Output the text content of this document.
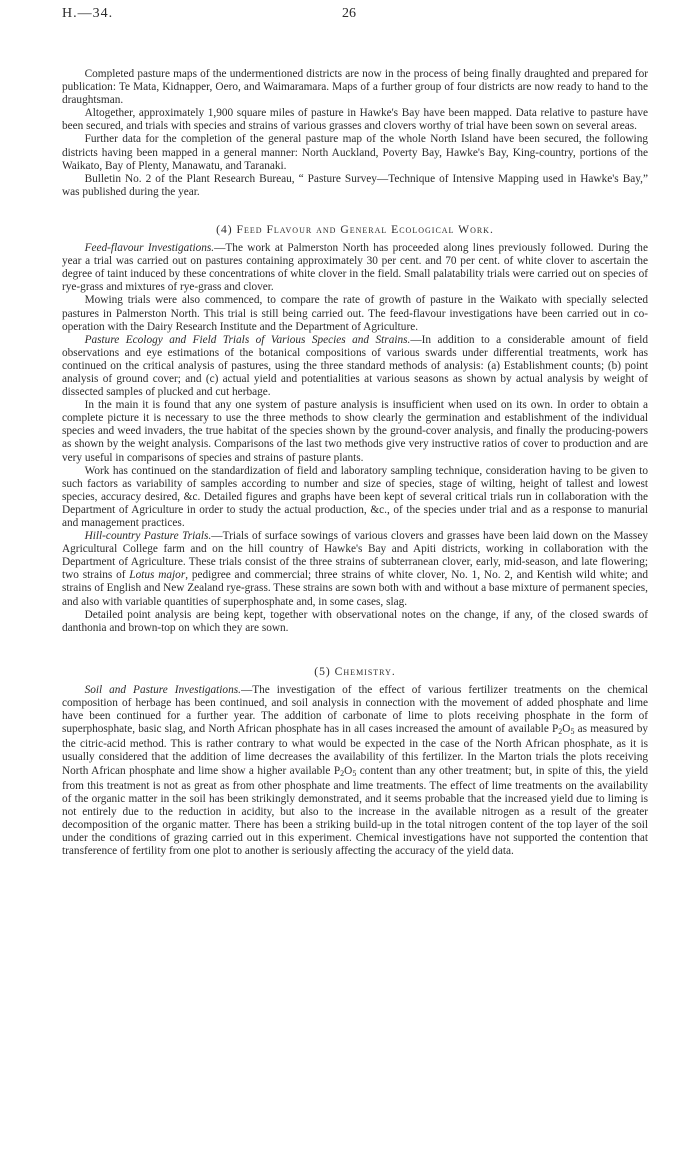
H.—34.	26

Completed pasture maps of the undermentioned districts are now in the process of being finally draughted and prepared for publication: Te Mata, Kidnapper, Oero, and Waimaramara. Maps of a further group of four districts are now ready to hand to the draughtsman.

Altogether, approximately 1,900 square miles of pasture in Hawke's Bay have been mapped. Data relative to pasture have been secured, and trials with species and strains of various grasses and clovers worthy of trial have been sown on several areas.

Further data for the completion of the general pasture map of the whole North Island have been secured, the following districts having been mapped in a general manner: North Auckland, Poverty Bay, Hawke's Bay, King-country, portions of the Waikato, Bay of Plenty, Manawatu, and Taranaki.

Bulletin No. 2 of the Plant Research Bureau, “ Pasture Survey—Technique of Intensive Mapping used in Hawke's Bay,” was published during the year.

(4) Feed Flavour and General Ecological Work.

Feed-flavour Investigations.—The work at Palmerston North has proceeded along lines previously followed. During the year a trial was carried out on pastures containing approximately 30 per cent. and 70 per cent. of white clover to ascertain the degree of taint induced by these concentrations of white clover in the field. Small palatability trials were carried out on species of rye-grass and mixtures of rye-grass and clover.

Mowing trials were also commenced, to compare the rate of growth of pasture in the Waikato with specially selected pastures in Palmerston North. This trial is still being carried out. The feed-flavour investigations have been carried out in co-operation with the Dairy Research Institute and the Department of Agriculture.

Pasture Ecology and Field Trials of Various Species and Strains.—In addition to a considerable amount of field observations and eye estimations of the botanical compositions of various swards under differential treatments, work has continued on the critical analysis of pastures, using the three standard methods of analysis: (a) Establishment counts; (b) point analysis of ground cover; and (c) actual yield and potentialities at various seasons as shown by actual analysis by weight of dissected samples of plucked and cut herbage.

In the main it is found that any one system of pasture analysis is insufficient when used on its own. In order to obtain a complete picture it is necessary to use the three methods to show clearly the germination and establishment of the individual species and weed invaders, the true habitat of the species shown by the ground-cover analysis, and finally the producing-powers as shown by the weight analysis. Comparisons of the last two methods give very instructive ratios of cover to production and are very useful in comparisons of species and strains of pasture plants.

Work has continued on the standardization of field and laboratory sampling technique, consideration having to be given to such factors as variability of samples according to number and size of species, stage of wilting, height of tallest and lowest species, accuracy desired, &c. Detailed figures and graphs have been kept of several critical trials run in collaboration with the Department of Agriculture in order to study the actual production, &c., of the species under trial and as a response to manurial and management practices.

Hill-country Pasture Trials.—Trials of surface sowings of various clovers and grasses have been laid down on the Massey Agricultural College farm and on the hill country of Hawke's Bay and Apiti districts, working in collaboration with the Department of Agriculture. These trials consist of the three strains of subterranean clover, early, mid-season, and late flowering; two strains of Lotus major, pedigree and commercial; three strains of white clover, No. 1, No. 2, and Kentish wild white; and strains of English and New Zealand rye-grass. These strains are sown both with and without a base mixture of permanent species, and also with variable quantities of superphosphate and, in some cases, slag.

Detailed point analysis are being kept, together with observational notes on the change, if any, of the closed swards of danthonia and brown-top on which they are sown.

(5) Chemistry.

Soil and Pasture Investigations.—The investigation of the effect of various fertilizer treatments on the chemical composition of herbage has been continued, and soil analysis in connection with the movement of added phosphate and lime have been continued for a further year. The addition of carbonate of lime to plots receiving phosphate in the form of superphosphate, basic slag, and North African phosphate has in all cases increased the amount of available $P_2O_5$ as measured by the citric-acid method. This is rather contrary to what would be expected in the case of the North African phosphate, as it is usually considered that the addition of lime decreases the availability of this fertilizer. In the Marton trials the plots receiving North African phosphate and lime show a higher available $P_2O_5$ content than any other treatment; but, in spite of this, the yield from this treatment is not as great as from other phosphate and lime treatments. The effect of lime treatments on the availability of the organic matter in the soil has been strikingly demonstrated, and it seems probable that the increased yield due to liming is not entirely due to the reduction in acidity, but also to the increase in the available nitrogen as a result of the greater decomposition of the organic matter. There has been a striking build-up in the total nitrogen content of the top layer of the soil under the conditions of grazing carried out in this experiment. Chemical investigations have not supported the contention that transference of fertility from one plot to another is seriously affecting the accuracy of the yield data.
